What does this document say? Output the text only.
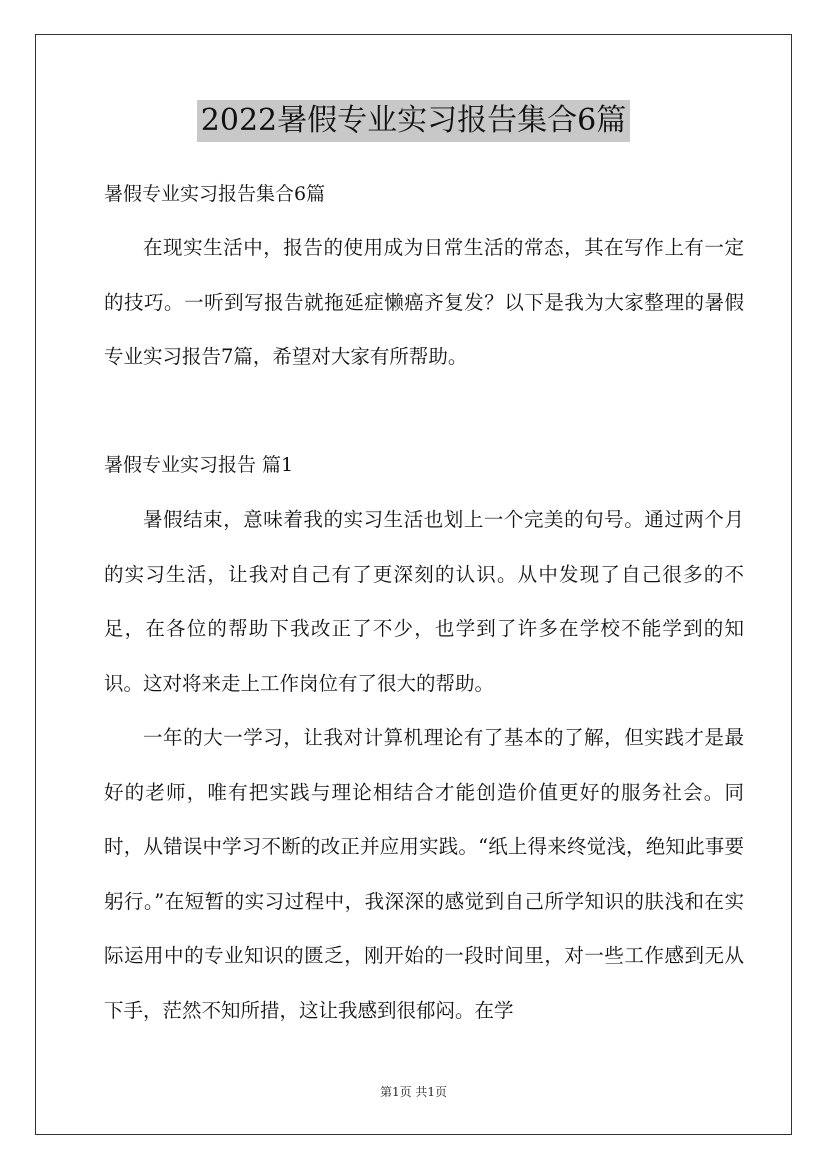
2022暑假专业实习报告集合6篇
暑假专业实习报告集合6篇

在现实生活中，报告的使用成为日常生活的常态，其在写作上有一定的技巧。一听到写报告就拖延症懒癌齐复发？以下是我为大家整理的暑假专业实习报告7篇，希望对大家有所帮助。

暑假专业实习报告 篇1

暑假结束，意味着我的实习生活也划上一个完美的句号。通过两个月的实习生活，让我对自己有了更深刻的认识。从中发现了自己很多的不足，在各位的帮助下我改正了不少，也学到了许多在学校不能学到的知识。这对将来走上工作岗位有了很大的帮助。

一年的大一学习，让我对计算机理论有了基本的了解，但实践才是最好的老师，唯有把实践与理论相结合才能创造价值更好的服务社会。同时，从错误中学习不断的改正并应用实践。“纸上得来终觉浅，绝知此事要躬行。”在短暂的实习过程中，我深深的感觉到自己所学知识的肤浅和在实际运用中的专业知识的匮乏，刚开始的一段时间里，对一些工作感到无从下手，茫然不知所措，这让我感到很郁闷。在学

第1页 共1页
